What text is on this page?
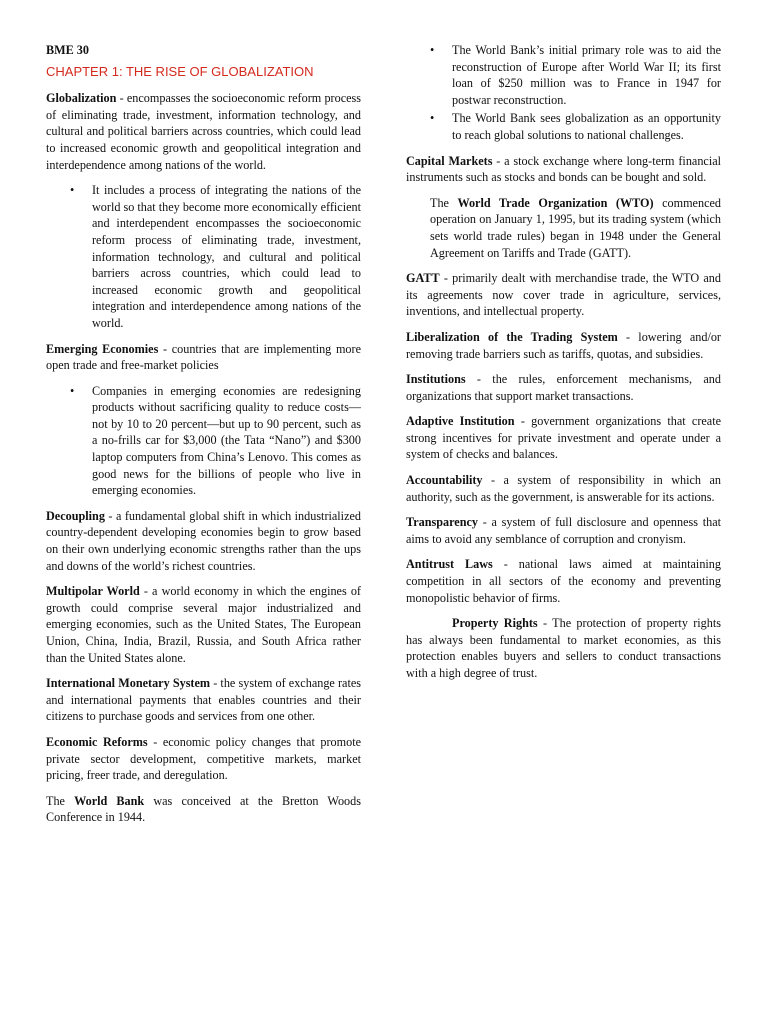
BME 30

CHAPTER 1: THE RISE OF GLOBALIZATION

Globalization - encompasses the socioeconomic reform process of eliminating trade, investment, information technology, and cultural and political barriers across countries, which could lead to increased economic growth and geopolitical integration and interdependence among nations of the world.

• It includes a process of integrating the nations of the world so that they become more economically efficient and interdependent encompasses the socioeconomic reform process of eliminating trade, investment, information technology, and cultural and political barriers across countries, which could lead to increased economic growth and geopolitical integration and interdependence among nations of the world.

Emerging Economies - countries that are implementing more open trade and free-market policies

• Companies in emerging economies are redesigning products without sacrificing quality to reduce costs—not by 10 to 20 percent—but up to 90 percent, such as a no-frills car for $3,000 (the Tata “Nano”) and $300 laptop computers from China’s Lenovo. This comes as good news for the billions of people who live in emerging economies.

Decoupling - a fundamental global shift in which industrialized country-dependent developing economies begin to grow based on their own underlying economic strengths rather than the ups and downs of the world’s richest countries.

Multipolar World - a world economy in which the engines of growth could comprise several major industrialized and emerging economies, such as the United States, The European Union, China, India, Brazil, Russia, and South Africa rather than the United States alone.

International Monetary System - the system of exchange rates and international payments that enables countries and their citizens to purchase goods and services from one other.

Economic Reforms - economic policy changes that promote private sector development, competitive markets, market pricing, freer trade, and deregulation.

The World Bank was conceived at the Bretton Woods Conference in 1944.

• The World Bank’s initial primary role was to aid the reconstruction of Europe after World War II; its first loan of $250 million was to France in 1947 for postwar reconstruction.
• The World Bank sees globalization as an opportunity to reach global solutions to national challenges.

Capital Markets - a stock exchange where long-term financial instruments such as stocks and bonds can be bought and sold.

The World Trade Organization (WTO) commenced operation on January 1, 1995, but its trading system (which sets world trade rules) began in 1948 under the General Agreement on Tariffs and Trade (GATT).

GATT - primarily dealt with merchandise trade, the WTO and its agreements now cover trade in agriculture, services, inventions, and intellectual property.

Liberalization of the Trading System - lowering and/or removing trade barriers such as tariffs, quotas, and subsidies.

Institutions - the rules, enforcement mechanisms, and organizations that support market transactions.

Adaptive Institution - government organizations that create strong incentives for private investment and operate under a system of checks and balances.

Accountability - a system of responsibility in which an authority, such as the government, is answerable for its actions.

Transparency - a system of full disclosure and openness that aims to avoid any semblance of corruption and cronyism.

Antitrust Laws - national laws aimed at maintaining competition in all sectors of the economy and preventing monopolistic behavior of firms.

Property Rights - The protection of property rights has always been fundamental to market economies, as this protection enables buyers and sellers to conduct transactions with a high degree of trust.
